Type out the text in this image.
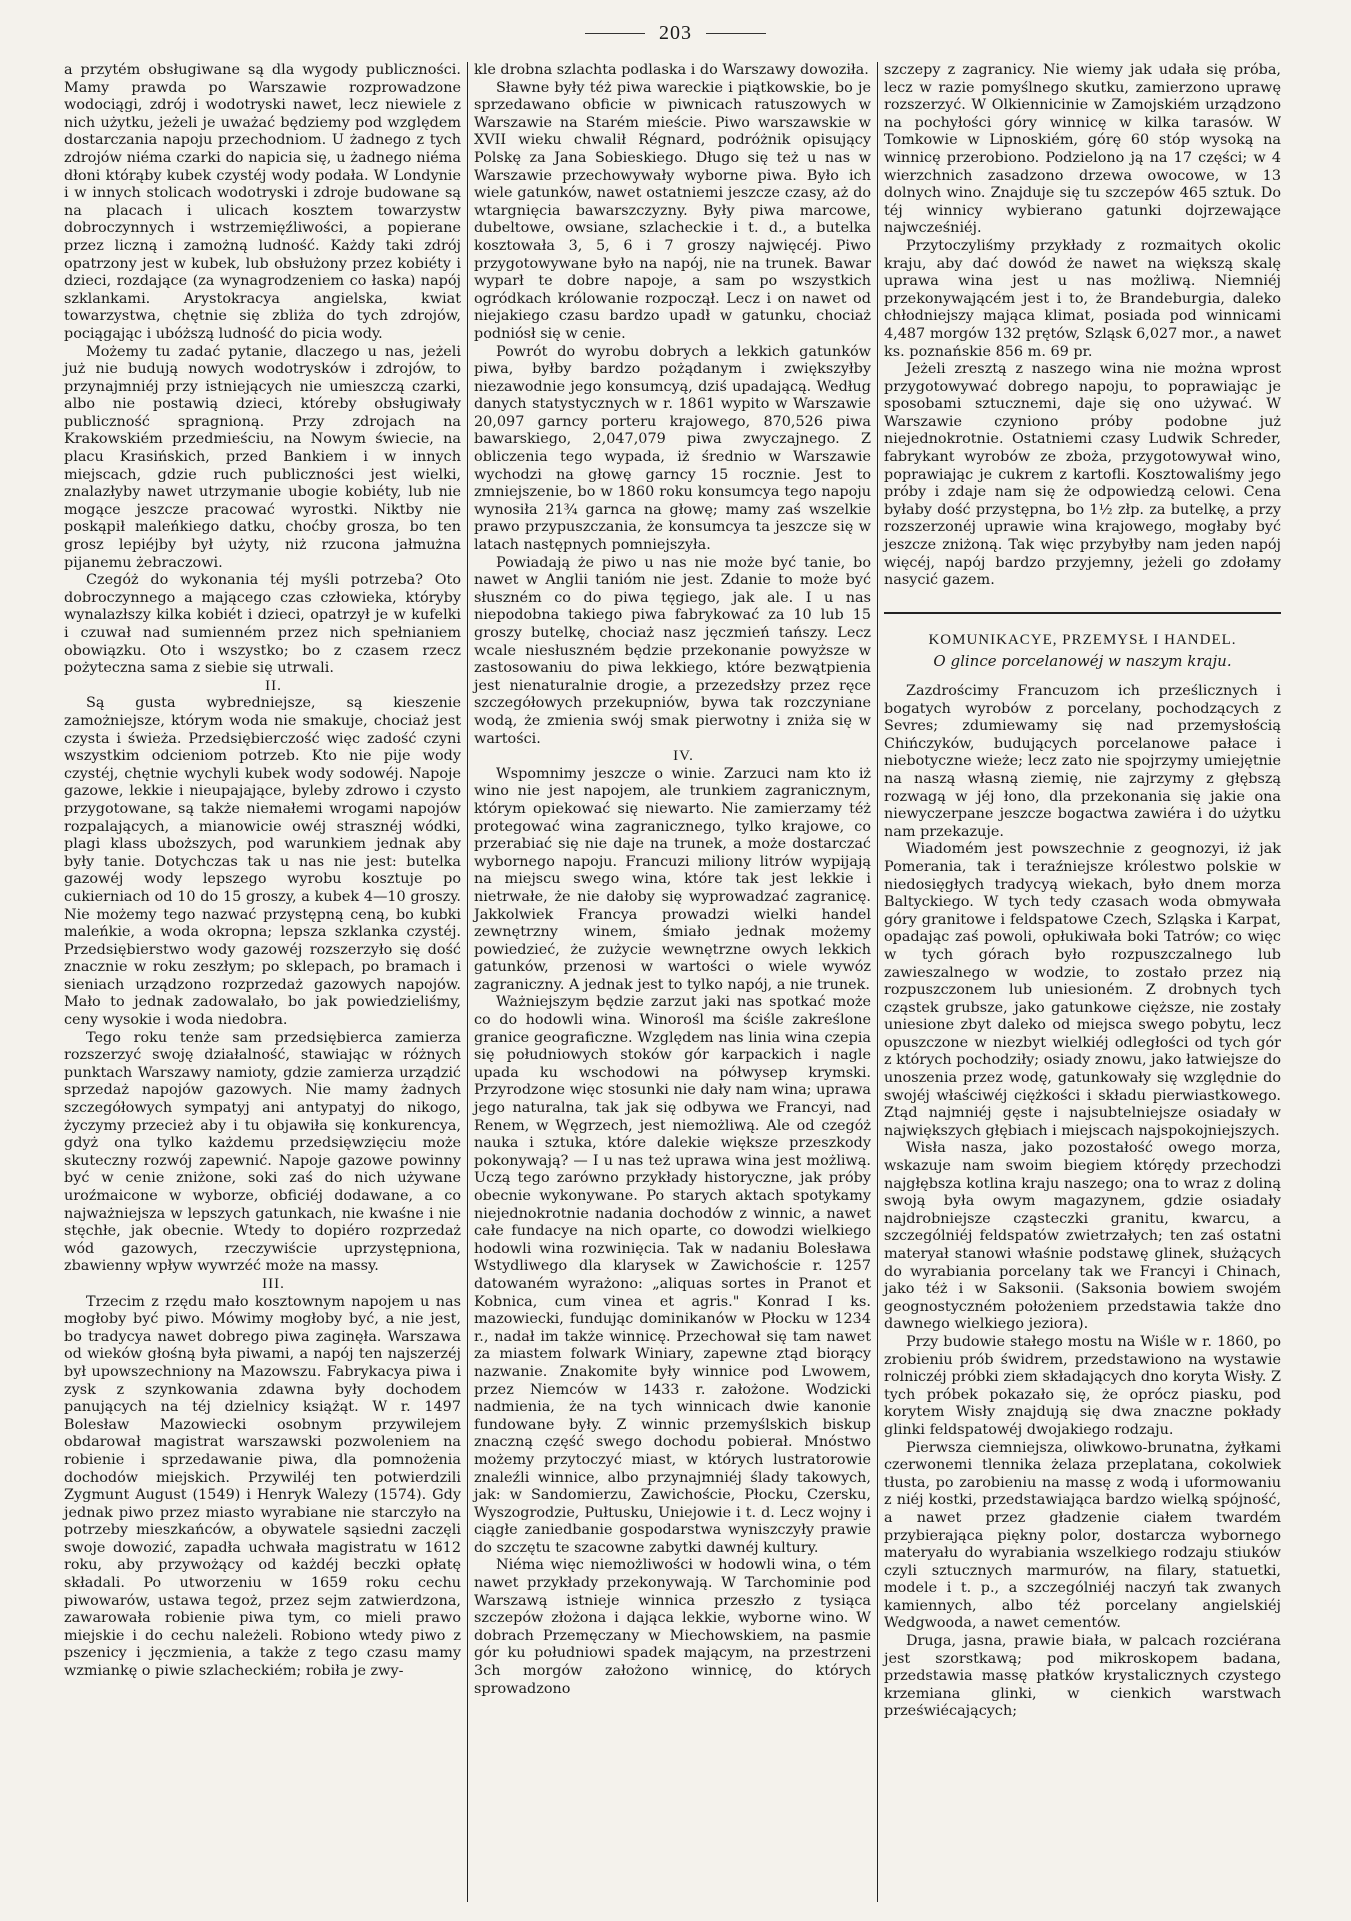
203

a przytém obsługiwane są dla wygody publiczności. Mamy prawda po Warszawie rozprowadzone wodociągi, zdrój i wodotryski nawet, lecz niewiele z nich użytku, jeżeli je uważać będziemy pod względem dostarczania napoju przechodniom. U żadnego z tych zdrojów niéma czarki do napicia się, u żadnego niéma dłoni którąby kubek czystéj wody podała. W Londynie i w innych stolicach wodotryski i zdroje budowane są na placach i ulicach kosztem towarzystw dobroczynnych i wstrzemięźliwości, a popierane przez liczną i zamożną ludność. Każdy taki zdrój opatrzony jest w kubek, lub obsłużony przez kobiéty i dzieci, rozdające (za wynagrodzeniem co łaska) napój szklankami. Arystokracya angielska, kwiat towarzystwa, chętnie się zbliża do tych zdrojów, pociągając i ubóższą ludność do picia wody.

Możemy tu zadać pytanie, dlaczego u nas, jeżeli już nie budują nowych wodotrysków i zdrojów, to przynajmniéj przy istniejących nie umieszczą czarki, albo nie postawią dzieci, któreby obsługiwały publiczność spragnioną. Przy zdrojach na Krakowskiém przedmieściu, na Nowym świecie, na placu Krasińskich, przed Bankiem i w innych miejscach, gdzie ruch publiczności jest wielki, znalazłyby nawet utrzymanie ubogie kobiéty, lub nie mogące jeszcze pracować wyrostki. Niktby nie poskąpił maleńkiego datku, choćby grosza, bo ten grosz lepiéjby był użyty, niż rzucona jałmużna pijanemu żebraczowi.

Czegóż do wykonania téj myśli potrzeba? Oto dobroczynnego a mającego czas człowieka, któryby wynalazłszy kilka kobiét i dzieci, opatrzył je w kufelki i czuwał nad sumienném przez nich spełnianiem obowiązku. Oto i wszystko; bo z czasem rzecz pożyteczna sama z siebie się utrwali.

II.

Są gusta wybredniejsze, są kieszenie zamożniejsze, którym woda nie smakuje, chociaż jest czysta i świeża. Przedsiębierczość więc zadość czyni wszystkim odcieniom potrzeb. Kto nie pije wody czystéj, chętnie wychyli kubek wody sodowéj. Napoje gazowe, lekkie i nieupajające, byleby zdrowo i czysto przygotowane, są także niemałemi wrogami napojów rozpalających, a mianowicie owéj strasznéj wódki, plagi klass uboższych, pod warunkiem jednak aby były tanie. Dotychczas tak u nas nie jest: butelka gazowéj wody lepszego wyrobu kosztuje po cukierniach od 10 do 15 groszy, a kubek 4—10 groszy. Nie możemy tego nazwać przystępną ceną, bo kubki maleńkie, a woda okropna; lepsza szklanka czystéj. Przedsiębierstwo wody gazowéj rozszerzyło się dość znacznie w roku zeszłym; po sklepach, po bramach i sieniach urządzono rozprzedaż gazowych napojów. Mało to jednak zadowalało, bo jak powiedzieliśmy, ceny wysokie i woda niedobra.

Tego roku tenże sam przedsiębierca zamierza rozszerzyć swoję działalność, stawiając w różnych punktach Warszawy namioty, gdzie zamierza urządzić sprzedaż napojów gazowych. Nie mamy żadnych szczegółowych sympatyj ani antypatyj do nikogo, życzymy przecież aby i tu objawiła się konkurencya, gdyż ona tylko każdemu przedsięwzięciu może skuteczny rozwój zapewnić. Napoje gazowe powinny być w cenie zniżone, soki zaś do nich używane uroźmaicone w wyborze, obficiéj dodawane, a co najważniejsza w lepszych gatunkach, nie kwaśne i nie stęchłe, jak obecnie. Wtedy to dopiéro rozprzedaż wód gazowych, rzeczywiście uprzystępniona, zbawienny wpływ wywrzéć może na massy.

III.

Trzecim z rzędu mało kosztownym napojem u nas mogłoby być piwo. Mówimy mogłoby być, a nie jest, bo tradycya nawet dobrego piwa zaginęła. Warszawa od wieków głośną była piwami, a napój ten najszerzéj był upowszechniony na Mazowszu. Fabrykacya piwa i zysk z szynkowania zdawna były dochodem panujących na téj dzielnicy książąt. W r. 1497 Bolesław Mazowiecki osobnym przywilejem obdarował magistrat warszawski pozwoleniem na robienie i sprzedawanie piwa, dla pomnożenia dochodów miejskich. Przywiléj ten potwierdzili Zygmunt August (1549) i Henryk Walezy (1574). Gdy jednak piwo przez miasto wyrabiane nie starczyło na potrzeby mieszkańców, a obywatele sąsiedni zaczęli swoje dowozić, zapadła uchwała magistratu w 1612 roku, aby przywożący od każdéj beczki opłatę składali. Po utworzeniu w 1659 roku cechu piwowarów, ustawa tegoż, przez sejm zatwierdzona, zawarowała robienie piwa tym, co mieli prawo miejskie i do cechu należeli. Robiono wtedy piwo z pszenicy i jęczmienia, a także z tego czasu mamy wzmiankę o piwie szlacheckiém; robiła je zwy-

kle drobna szlachta podlaska i do Warszawy dowoziła.

Sławne były téż piwa wareckie i piątkowskie, bo je sprzedawano obficie w piwnicach ratuszowych w Warszawie na Starém mieście. Piwo warszawskie w XVII wieku chwalił Régnard, podróżnik opisujący Polskę za Jana Sobieskiego. Długo się też u nas w Warszawie przechowywały wyborne piwa. Było ich wiele gatunków, nawet ostatniemi jeszcze czasy, aż do wtargnięcia bawarszczyzny. Były piwa marcowe, dubeltowe, owsiane, szlacheckie i t. d., a butelka kosztowała 3, 5, 6 i 7 groszy najwięcéj. Piwo przygotowywane było na napój, nie na trunek. Bawar wyparł te dobre napoje, a sam po wszystkich ogródkach królowanie rozpoczął. Lecz i on nawet od niejakiego czasu bardzo upadł w gatunku, chociaż podniósł się w cenie.

Powrót do wyrobu dobrych a lekkich gatunków piwa, byłby bardzo pożądanym i zwiększyłby niezawodnie jego konsumcyą, dziś upadającą. Według danych statystycznych w r. 1861 wypito w Warszawie 20,097 garncy porteru krajowego, 870,526 piwa bawarskiego, 2,047,079 piwa zwyczajnego. Z obliczenia tego wypada, iż średnio w Warszawie wychodzi na głowę garncy 15 rocznie. Jest to zmniejszenie, bo w 1860 roku konsumcya tego napoju wynosiła 21¾ garnca na głowę; mamy zaś wszelkie prawo przypuszczania, że konsumcya ta jeszcze się w latach następnych pomniejszyła.

Powiadają że piwo u nas nie może być tanie, bo nawet w Anglii tanióm nie jest. Zdanie to może być słuszném co do piwa tęgiego, jak ale. I u nas niepodobna takiego piwa fabrykować za 10 lub 15 groszy butelkę, chociaż nasz jęczmień tańszy. Lecz wcale niesłuszném będzie przekonanie powyższe w zastosowaniu do piwa lekkiego, które bezwątpienia jest nienaturalnie drogie, a przezedsłzy przez ręce szczegółowych przekupniów, bywa tak rozczyniane wodą, że zmienia swój smak pierwotny i zniża się w wartości.

IV.

Wspomnimy jeszcze o winie. Zarzuci nam kto iż wino nie jest napojem, ale trunkiem zagranicznym, którym opiekować się niewarto. Nie zamierzamy téż protegować wina zagranicznego, tylko krajowe, co przerabiać się nie daje na trunek, a może dostarczać wybornego napoju. Francuzi miliony litrów wypijają na miejscu swego wina, które tak jest lekkie i nietrwałe, że nie dałoby się wyprowadzać zagranicę. Jakkolwiek Francya prowadzi wielki handel zewnętrzny winem, śmiało jednak możemy powiedzieć, że zużycie wewnętrzne owych lekkich gatunków, przenosi w wartości o wiele wywóz zagraniczny. A jednak jest to tylko napój, a nie trunek.

Ważniejszym będzie zarzut jaki nas spotkać może co do hodowli wina. Winorośl ma ściśle zakreślone granice geograficzne. Względem nas linia wina czepia się południowych stoków gór karpackich i nagle upada ku wschodowi na półwysep krymski. Przyrodzone więc stosunki nie dały nam wina; uprawa jego naturalna, tak jak się odbywa we Francyi, nad Renem, w Węgrzech, jest niemożliwą. Ale od czegóż nauka i sztuka, które dalekie większe przeszkody pokonywają? — I u nas też uprawa wina jest możliwą. Uczą tego zarówno przykłady historyczne, jak próby obecnie wykonywane. Po starych aktach spotykamy niejednokrotnie nadania dochodów z winnic, a nawet całe fundacye na nich oparte, co dowodzi wielkiego hodowli wina rozwinięcia. Tak w nadaniu Bolesława Wstydliwego dla klarysek w Zawichoście r. 1257 datowaném wyrażono: „aliquas sortes in Pranot et Kobnica, cum vinea et agris." Konrad I ks. mazowiecki, fundując dominikanów w Płocku w 1234 r., nadał im także winnicę. Przechował się tam nawet za miastem folwark Winiary, zapewne ztąd biorący nazwanie. Znakomite były winnice pod Lwowem, przez Niemców w 1433 r. założone. Wodzicki nadmienia, że na tych winnicach dwie kanonie fundowane były. Z winnic przemyślskich biskup znaczną część swego dochodu pobierał. Mnóstwo możemy przytoczyć miast, w których lustratorowie znaleźli winnice, albo przynajmniéj ślady takowych, jak: w Sandomierzu, Zawichoście, Płocku, Czersku, Wyszogrodzie, Pułtusku, Uniejowie i t. d. Lecz wojny i ciągłe zaniedbanie gospodarstwa wyniszczyły prawie do szczętu te szacowne zabytki dawnéj kultury.

Niéma więc niemożliwości w hodowli wina, o tém nawet przykłady przekonywają. W Tarchominie pod Warszawą istnieje winnica przeszło z tysiąca szczepów złożona i dająca lekkie, wyborne wino. W dobrach Przemęczany w Miechowskiem, na pasmie gór ku południowi spadek mającym, na przestrzeni 3ch morgów założono winnicę, do których sprowadzono

szczepy z zagranicy. Nie wiemy jak udała się próba, lecz w razie pomyślnego skutku, zamierzono uprawę rozszerzyć. W Olkiennicinie w Zamojskiém urządzono na pochyłości góry winnicę w kilka tarasów. W Tomkowie w Lipnoskiém, górę 60 stóp wysoką na winnicę przerobiono. Podzielono ją na 17 części; w 4 wierzchnich zasadzono drzewa owocowe, w 13 dolnych wino. Znajduje się tu szczepów 465 sztuk. Do téj winnicy wybierano gatunki dojrzewające najwcześniéj.

Przytoczyliśmy przykłady z rozmaitych okolic kraju, aby dać dowód że nawet na większą skalę uprawa wina jest u nas możliwą. Niemniéj przekonywającém jest i to, że Brandeburgia, daleko chłodniejszy mająca klimat, posiada pod winnicami 4,487 morgów 132 prętów, Szląsk 6,027 mor., a nawet ks. poznańskie 856 m. 69 pr.

Jeżeli zresztą z naszego wina nie można wprost przygotowywać dobrego napoju, to poprawiając je sposobami sztucznemi, daje się ono używać. W Warszawie czyniono próby podobne już niejednokrotnie. Ostatniemi czasy Ludwik Schreder, fabrykant wyrobów ze zboża, przygotowywał wino, poprawiając je cukrem z kartofli. Kosztowaliśmy jego próby i zdaje nam się że odpowiedzą celowi. Cena byłaby dość przystępna, bo 1½ złp. za butelkę, a przy rozszerzonéj uprawie wina krajowego, mogłaby być jeszcze zniżoną. Tak więc przybyłby nam jeden napój więcéj, napój bardzo przyjemny, jeżeli go zdołamy nasycić gazem.

KOMUNIKACYE, PRZEMYSŁ I HANDEL.
O glince porcelanowéj w naszym kraju.

Zazdrościmy Francuzom ich prześlicznych i bogatych wyrobów z porcelany, pochodzących z Sevres; zdumiewamy się nad przemysłością Chińczyków, budujących porcelanowe pałace i niebotyczne wieże; lecz zato nie spojrzymy umiejętnie na naszą własną ziemię, nie zajrzymy z głębszą rozwagą w jéj łono, dla przekonania się jakie ona niewyczerpane jeszcze bogactwa zawiéra i do użytku nam przekazuje.

Wiadomém jest powszechnie z geognozyi, iż jak Pomerania, tak i teraźniejsze królestwo polskie w niedosięgłych tradycyą wiekach, było dnem morza Baltyckiego. W tych tedy czasach woda obmywała góry granitowe i feldspatowe Czech, Szląska i Karpat, opadając zaś powoli, opłukiwała boki Tatrów; co więc w tych górach było rozpuszczalnego lub zawieszalnego w wodzie, to zostało przez nią rozpuszczonem lub uniesioném. Z drobnych tych cząstek grubsze, jako gatunkowe cięższe, nie zostały uniesione zbyt daleko od miejsca swego pobytu, lecz opuszczone w niezbyt wielkiéj odległości od tych gór z których pochodziły; osiady znowu, jako łatwiejsze do unoszenia przez wodę, gatunkowały się względnie do swojéj właściwéj ciężkości i składu pierwiastkowego. Ztąd najmniéj gęste i najsubtelniejsze osiadały w największych głębiach i miejscach najspokojniejszych.

Wisła nasza, jako pozostałość owego morza, wskazuje nam swoim biegiem którędy przechodzi najgłębsza kotlina kraju naszego; ona to wraz z doliną swoją była owym magazynem, gdzie osiadały najdrobniejsze cząsteczki granitu, kwarcu, a szczególniéj feldspatów zwietrzałych; ten zaś ostatni materyał stanowi właśnie podstawę glinek, służących do wyrabiania porcelany tak we Francyi i Chinach, jako téż i w Saksonii. (Saksonia bowiem swojém geognostyczném położeniem przedstawia także dno dawnego wielkiego jeziora).

Przy budowie stałego mostu na Wiśle w r. 1860, po zrobieniu prób świdrem, przedstawiono na wystawie rolniczéj próbki ziem składających dno koryta Wisły. Z tych próbek pokazało się, że oprócz piasku, pod korytem Wisły znajdują się dwa znaczne pokłady glinki feldspatowéj dwojakiego rodzaju.

Pierwsza ciemniejsza, oliwkowo-brunatna, żyłkami czerwonemi tlennika żelaza przeplatana, cokolwiek tłusta, po zarobieniu na massę z wodą i uformowaniu z niéj kostki, przedstawiająca bardzo wielką spójność, a nawet przez gładzenie ciałem twardém przybierająca piękny polor, dostarcza wybornego materyału do wyrabiania wszelkiego rodzaju stiuków czyli sztucznych marmurów, na filary, statuetki, modele i t. p., a szczególniéj naczyń tak zwanych kamiennych, albo téż porcelany angielskiéj Wedgwooda, a nawet cementów.

Druga, jasna, prawie biała, w palcach rozciérana jest szorstkawą; pod mikroskopem badana, przedstawia massę płatków krystalicznych czystego krzemiana glinki, w cienkich warstwach przeświécających;
